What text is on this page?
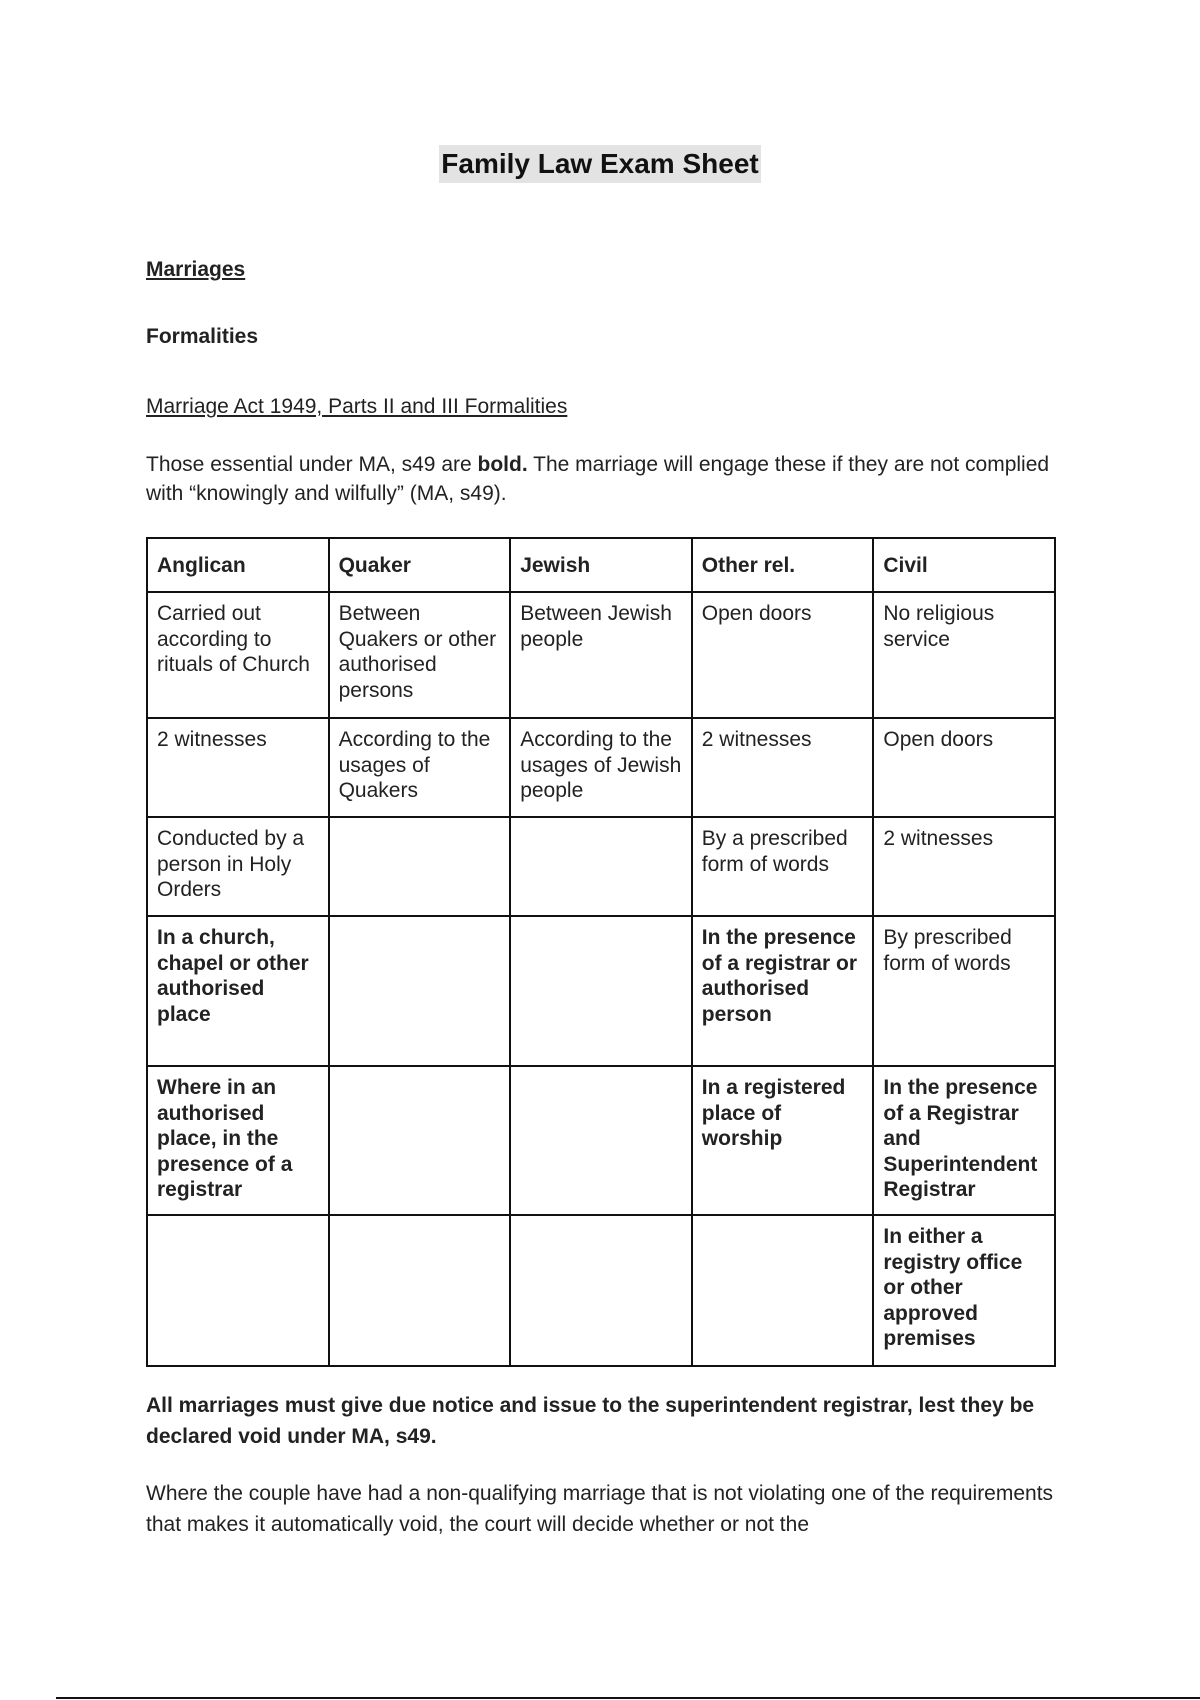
Family Law Exam Sheet
Marriages
Formalities
Marriage Act 1949, Parts II and III Formalities
Those essential under MA, s49 are bold. The marriage will engage these if they are not complied with “knowingly and wilfully” (MA, s49).
Anglican	Quaker	Jewish	Other rel.	Civil
Carried out according to rituals of Church	Between Quakers or other authorised persons	Between Jewish people	Open doors	No religious service
2 witnesses	According to the usages of Quakers	According to the usages of Jewish people	2 witnesses	Open doors
Conducted by a person in Holy Orders			By a prescribed form of words	2 witnesses
In a church, chapel or other authorised place			In the presence of a registrar or authorised person	By prescribed form of words
Where in an authorised place, in the presence of a registrar			In a registered place of worship	In the presence of a Registrar and Superintendent Registrar
				In either a registry office or other approved premises
All marriages must give due notice and issue to the superintendent registrar, lest they be declared void under MA, s49.
Where the couple have had a non-qualifying marriage that is not violating one of the requirements that makes it automatically void, the court will decide whether or not the
